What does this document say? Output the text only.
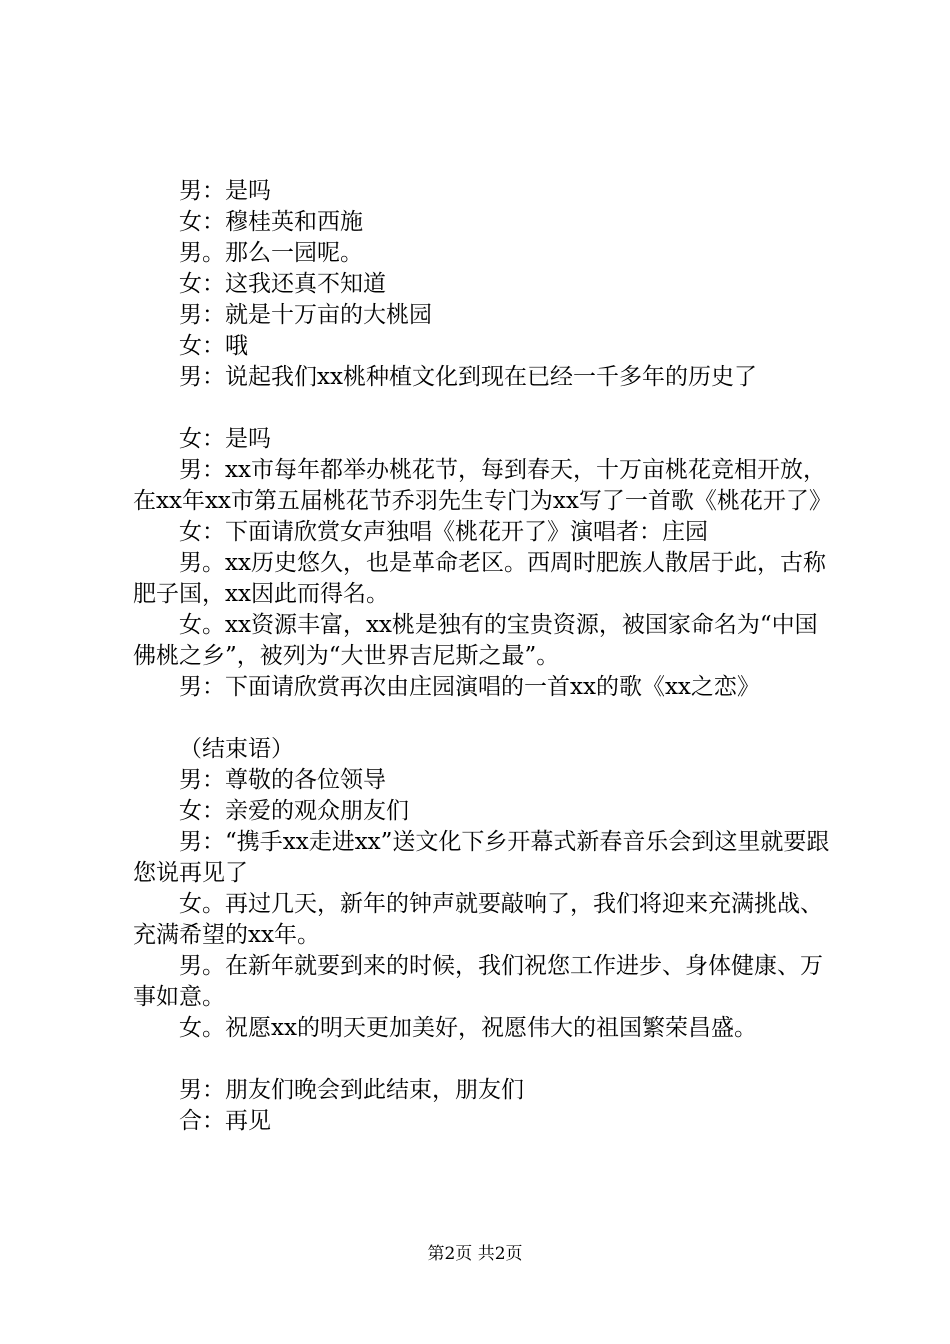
男：是吗

女：穆桂英和西施

男。那么一园呢。

女：这我还真不知道

男：就是十万亩的大桃园

女：哦

男：说起我们xx桃种植文化到现在已经一千多年的历史了

女：是吗

男：xx市每年都举办桃花节，每到春天，十万亩桃花竞相开放，在xx年xx市第五届桃花节乔羽先生专门为xx写了一首歌《桃花开了》

女：下面请欣赏女声独唱《桃花开了》演唱者：庄园

男。xx历史悠久，也是革命老区。西周时肥族人散居于此，古称肥子国，xx因此而得名。

女。xx资源丰富，xx桃是独有的宝贵资源，被国家命名为“中国佛桃之乡”，被列为“大世界吉尼斯之最”。

男：下面请欣赏再次由庄园演唱的一首xx的歌《xx之恋》

（结束语）

男：尊敬的各位领导

女：亲爱的观众朋友们

男：“携手xx走进xx”送文化下乡开幕式新春音乐会到这里就要跟您说再见了

女。再过几天，新年的钟声就要敲响了，我们将迎来充满挑战、充满希望的xx年。

男。在新年就要到来的时候，我们祝您工作进步、身体健康、万事如意。

女。祝愿xx的明天更加美好，祝愿伟大的祖国繁荣昌盛。

男：朋友们晚会到此结束，朋友们

合：再见

第2页 共2页
